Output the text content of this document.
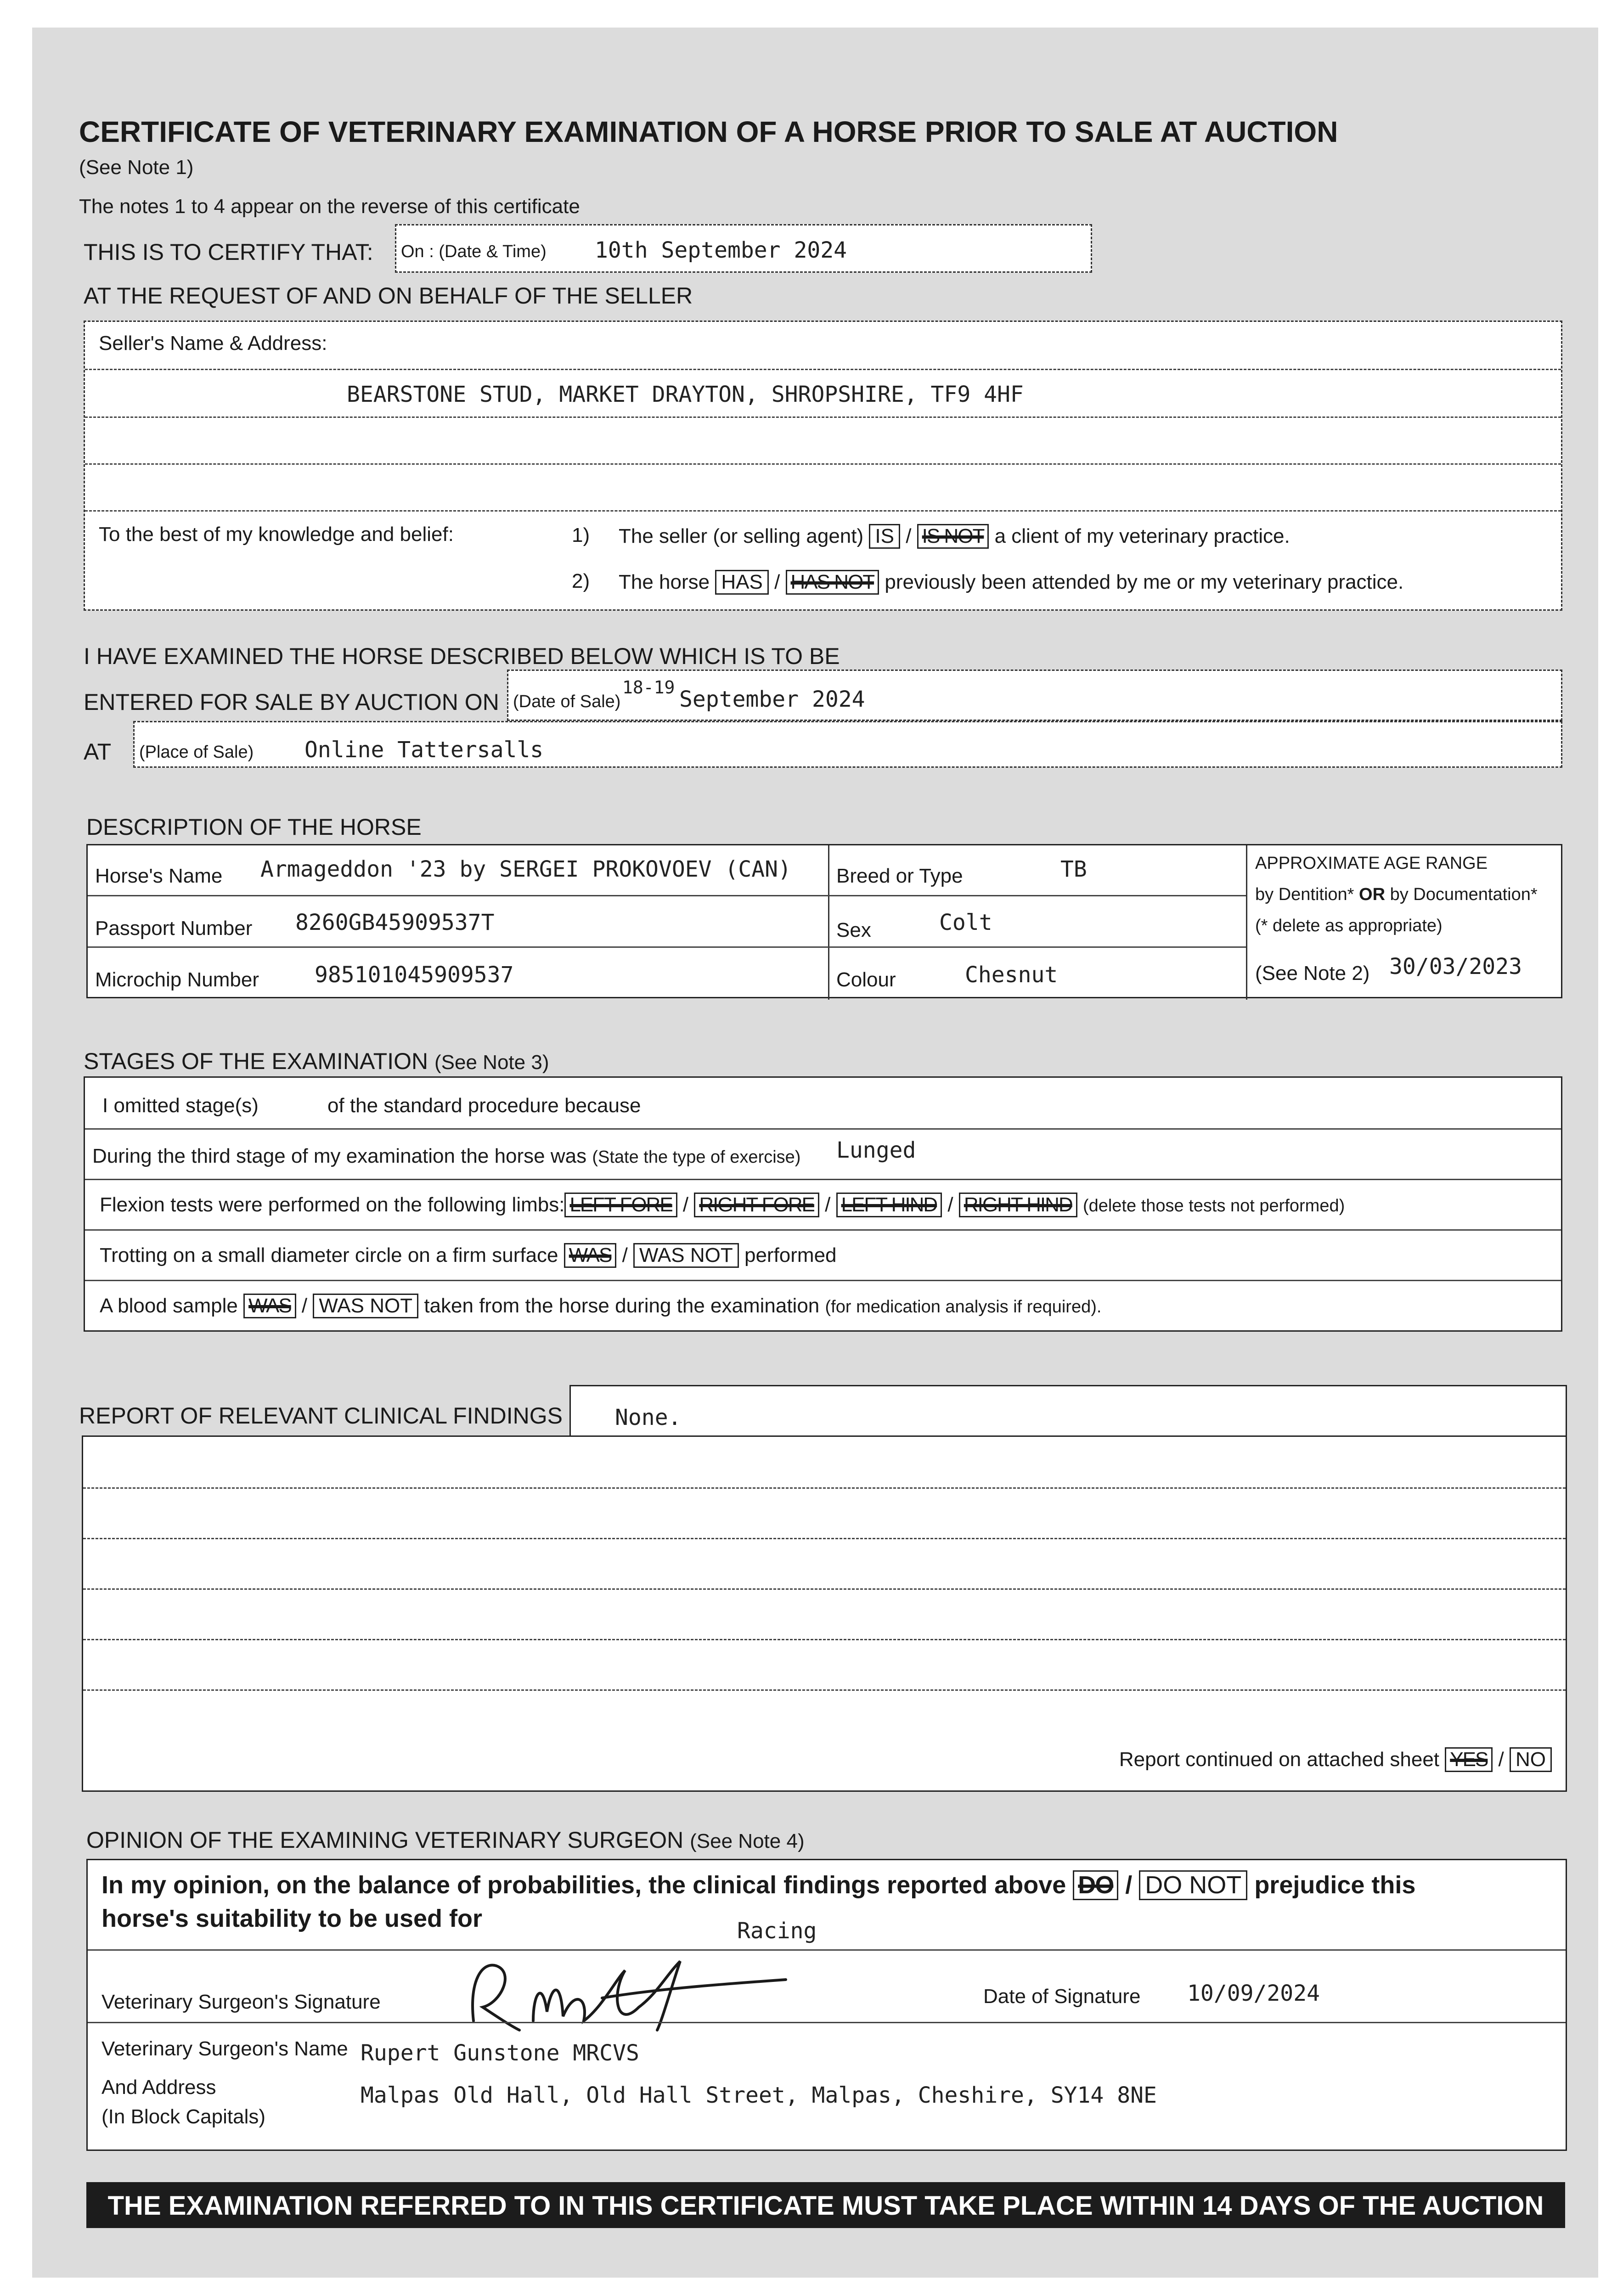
CERTIFICATE OF VETERINARY EXAMINATION OF A HORSE PRIOR TO SALE AT AUCTION
(See Note 1)
The notes 1 to 4 appear on the reverse of this certificate
THIS IS TO CERTIFY THAT: On : (Date & Time) 10th September 2024
AT THE REQUEST OF AND ON BEHALF OF THE SELLER
Seller's Name & Address:
BEARSTONE STUD, MARKET DRAYTON, SHROPSHIRE, TF9 4HF
To the best of my knowledge and belief:	1) The seller (or selling agent) IS / IS NOT a client of my veterinary practice.
2) The horse HAS / HAS NOT previously been attended by me or my veterinary practice.
I HAVE EXAMINED THE HORSE DESCRIBED BELOW WHICH IS TO BE
ENTERED FOR SALE BY AUCTION ON (Date of Sale)
18-19 September 2024
AT (Place of Sale) Online Tattersalls
DESCRIPTION OF THE HORSE
Horse's Name Armageddon '23 by SERGEI PROKOVOEV (CAN)
Passport Number 8260GB45909537T
Microchip Number	985101045909537
Breed or Type	TB
Sex	Colt
Colour	Chesnut
APPROXIMATE AGE RANGE
by Dentition* OR by Documentation*
(* delete as appropriate)
(See Note 2) 30/03/2023
STAGES OF THE EXAMINATION (See Note 3)
I omitted stage(s)	of the standard procedure because
During the third stage of my examination the horse was (State the type of exercise) Lunged
Flexion tests were performed on the following limbs: LEFT FORE / RIGHT FORE / LEFT HIND / RIGHT HIND (delete those tests not performed)
Trotting on a small diameter circle on a firm surface WAS / WAS NOT performed
A blood sample WAS / WAS NOT taken from the horse during the examination (for medication analysis if required).
REPORT OF RELEVANT CLINICAL FINDINGS None.
Report continued on attached sheet YES / NO
OPINION OF THE EXAMINING VETERINARY SURGEON (See Note 4)
In my opinion, on the balance of probabilities, the clinical findings reported above DO / DO NOT prejudice this
horse's suitability to be used for	Racing
Veterinary Surgeon's Signature	Date of Signature 10/09/2024
Veterinary Surgeon's Name Rupert Gunstone MRCVS
And Address
(In Block Capitals)
Malpas Old Hall, Old Hall Street, Malpas, Cheshire, SY14 8NE
THE EXAMINATION REFERRED TO IN THIS CERTIFICATE MUST TAKE PLACE WITHIN 14 DAYS OF THE AUCTION
